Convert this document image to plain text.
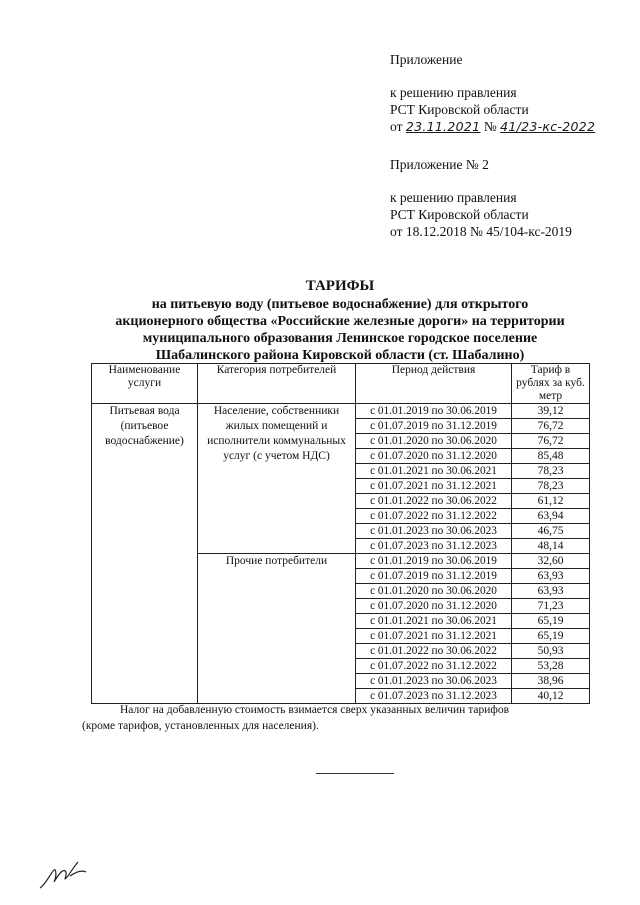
Приложение
к решению правления
РСТ Кировской области
от 23.11.2021 № 41/23-кс-2022
Приложение № 2
к решению правления
РСТ Кировской области
от 18.12.2018 № 45/104-кс-2019
ТАРИФЫ
на питьевую воду (питьевое водоснабжение) для открытого
акционерного общества «Российские железные дороги» на территории
муниципального образования Ленинское городское поселение
Шабалинского района Кировской области (ст. Шабалино)
Наименование услуги	Категория потребителей	Период действия	Тариф в рублях за куб. метр
Питьевая вода (питьевое водоснабжение)	Население, собственники жилых помещений и исполнители коммунальных услуг (с учетом НДС)	с 01.01.2019 по 30.06.2019	39,12
		с 01.07.2019 по 31.12.2019	76,72
		с 01.01.2020 по 30.06.2020	76,72
		с 01.07.2020 по 31.12.2020	85,48
		с 01.01.2021 по 30.06.2021	78,23
		с 01.07.2021 по 31.12.2021	78,23
		с 01.01.2022 по 30.06.2022	61,12
		с 01.07.2022 по 31.12.2022	63,94
		с 01.01.2023 по 30.06.2023	46,75
		с 01.07.2023 по 31.12.2023	48,14
	Прочие потребители	с 01.01.2019 по 30.06.2019	32,60
		с 01.07.2019 по 31.12.2019	63,93
		с 01.01.2020 по 30.06.2020	63,93
		с 01.07.2020 по 31.12.2020	71,23
		с 01.01.2021 по 30.06.2021	65,19
		с 01.07.2021 по 31.12.2021	65,19
		с 01.01.2022 по 30.06.2022	50,93
		с 01.07.2022 по 31.12.2022	53,28
		с 01.01.2023 по 30.06.2023	38,96
		с 01.07.2023 по 31.12.2023	40,12
Налог на добавленную стоимость взимается сверх указанных величин тарифов
(кроме тарифов, установленных для населения).
